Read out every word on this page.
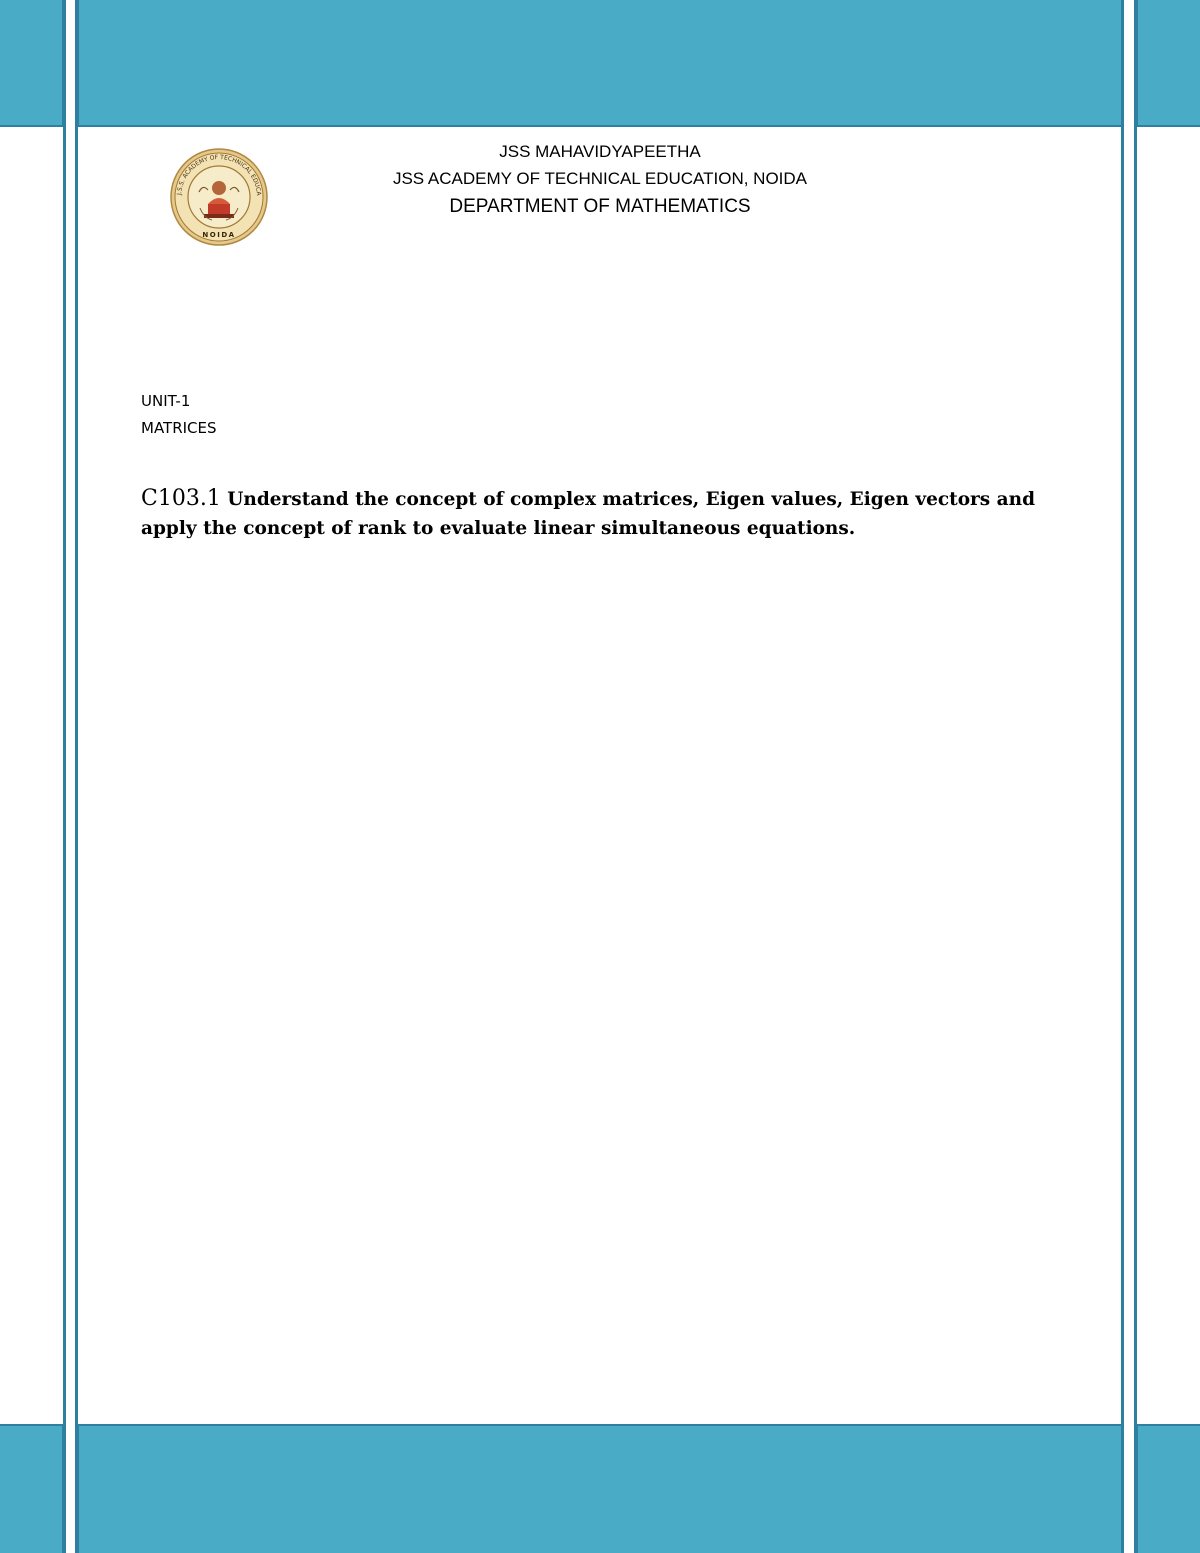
J.S.S. ACADEMY OF TECHNICAL EDUCA
NOIDA
JSS MAHAVIDYAPEETHA
JSS ACADEMY OF TECHNICAL EDUCATION, NOIDA
DEPARTMENT OF MATHEMATICS
UNIT-1
MATRICES
C103.1 Understand the concept of complex matrices, Eigen values, Eigen vectors and apply the concept of rank to evaluate linear simultaneous equations.
